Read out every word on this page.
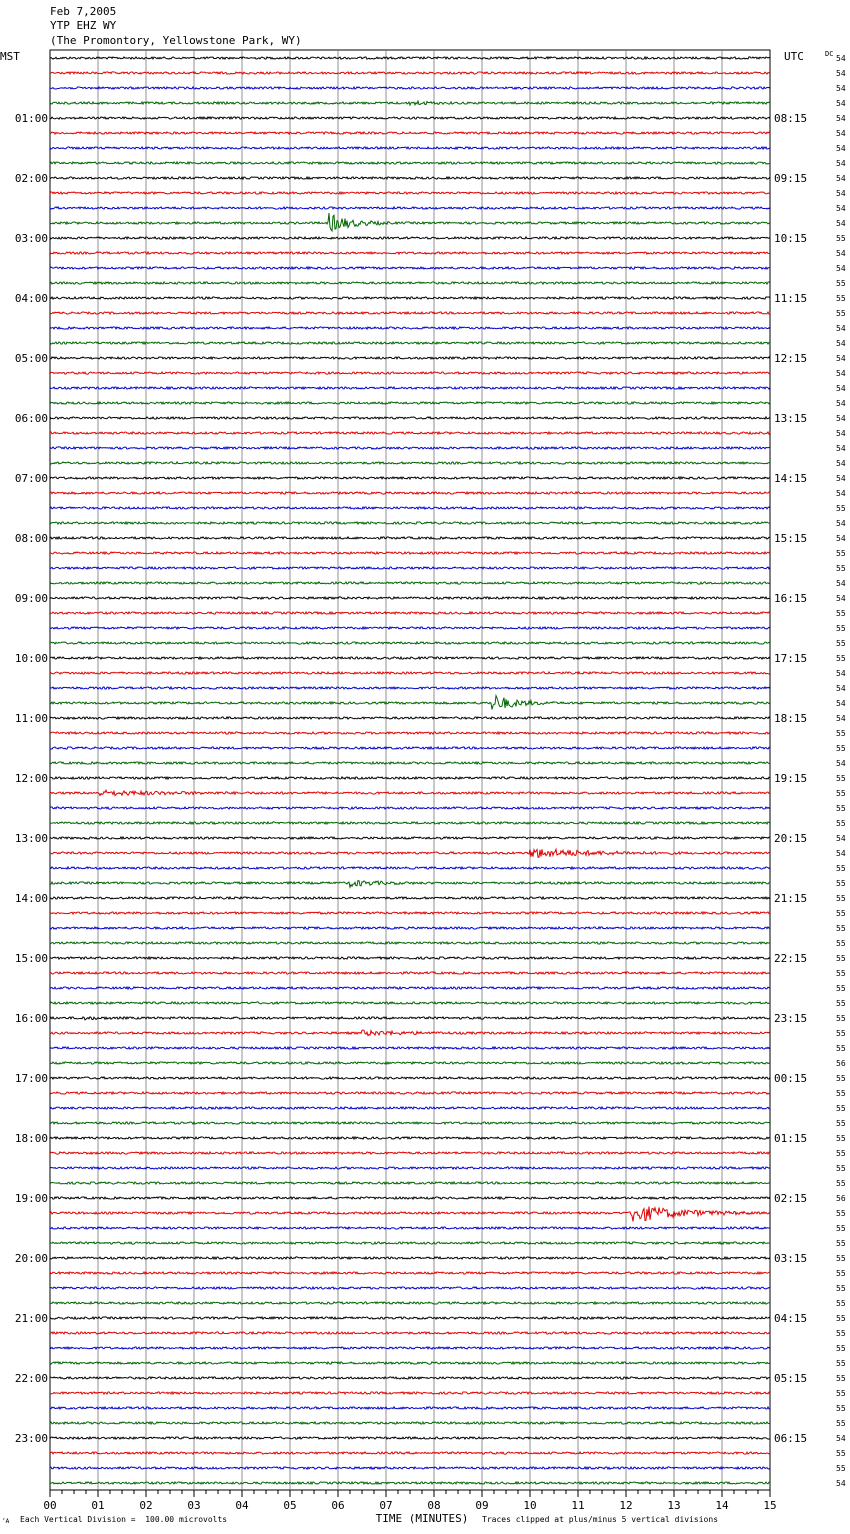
Feb 7,2005
YTP EHZ WY
(The Promontory, Yellowstone Park, WY)
54
54
54
54
54
54
54
54
54
54
54
54
55
54
54
55
55
55
54
54
54
54
54
54
54
54
54
54
54
54
55
54
54
55
55
54
54
55
55
55
55
54
54
54
54
55
55
54
55
55
55
55
54
54
55
55
55
55
55
55
55
55
55
55
55
55
55
56
55
55
55
55
55
55
55
55
56
55
55
55
55
55
55
55
55
55
55
55
55
55
55
55
54
55
55
54
01:00
02:00
03:00
04:00
05:00
06:00
07:00
08:00
09:00
10:00
11:00
12:00
13:00
14:00
15:00
16:00
17:00
18:00
19:00
20:00
21:00
22:00
23:00
08:15
09:15
10:15
11:15
12:15
13:15
14:15
15:15
16:15
17:15
18:15
19:15
20:15
21:15
22:15
23:15
00:15
01:15
02:15
03:15
04:15
05:15
06:15
MST	UTC	DC
00	01	02	03	04	05	06	07	08	09	10	11	12	13	14	15
TIME (MINUTES)
Each Vertical Division =  100.00 microvolts	Traces clipped at plus/minus 5 vertical divisions
‘A
